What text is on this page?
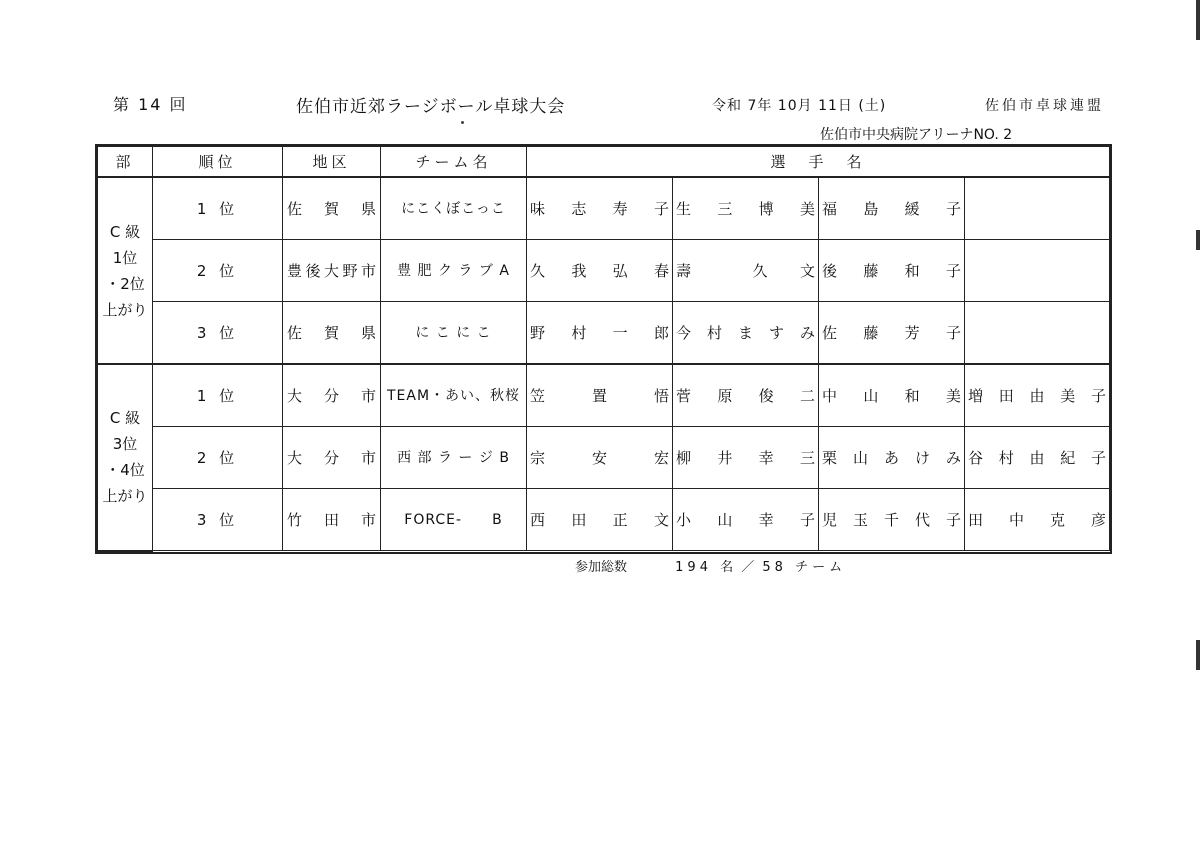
第 14 回	佐伯市近郊ラージボール卓球大会	令和 7年 10月 11日 (土)	佐伯市卓球連盟
佐伯市中央病院アリーナNO. 2
部	順位	地区	チーム名	選　手　名			

C 級
1位
・2位
上がり	1 位	佐 賀 県	にこくぼこっこ	味 志 寿 子	生 三 博 美	福 島 緩 子	
	2 位	豊後大野市	豊 肥 ク ラ ブ A	久 我 弘 春	壽　 久 文	後 藤 和 子	
	3 位	佐 賀 県	に こ に こ	野 村 一 郎	今 村 ま す み	佐 藤 芳 子	

C 級
3位
・4位
上がり	1 位	大 分 市	TEAM・あい、秋桜	笠 置 悟	菅 原 俊 二	中 山 和 美	増 田 由 美 子
	2 位	大 分 市	西 部 ラ ー ジ B	宗 安 宏	柳 井 幸 三	栗 山 あ け み	谷 村 由 紀 子
	3 位	竹 田 市	FORCE-　　B	西 田 正 文	小 山 幸 子	児 玉 千 代 子	田 中 克 彦
参加総数	194 名 ／ 58 チーム
